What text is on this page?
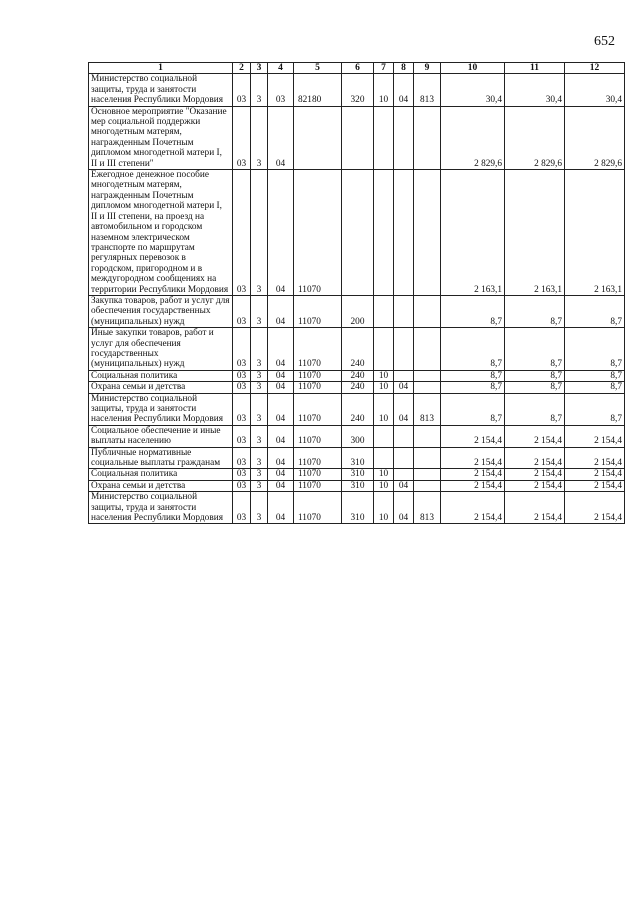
652
1	2	3	4	5	6	7	8	9	10	11	12
Министерство социальной защиты, труда и занятости населения Республики Мордовия	03	3	03	82180	320	10	04	813	30,4	30,4	30,4
Основное мероприятие "Оказание мер социальной поддержки многодетным матерям, награжденным Почетным дипломом многодетной матери I, II и III степени"	03	3	04						2 829,6	2 829,6	2 829,6
Ежегодное денежное пособие многодетным матерям, награжденным Почетным дипломом многодетной матери I, II и III степени, на проезд на автомобильном и городском наземном электрическом транспорте по маршрутам регулярных перевозок в городском, пригородном и в междугородном сообщениях на территории Республики Мордовия	03	3	04	11070					2 163,1	2 163,1	2 163,1
Закупка товаров, работ и услуг для обеспечения государственных (муниципальных) нужд	03	3	04	11070	200				8,7	8,7	8,7
Иные закупки товаров, работ и услуг для обеспечения государственных (муниципальных) нужд	03	3	04	11070	240				8,7	8,7	8,7
Социальная политика	03	3	04	11070	240	10			8,7	8,7	8,7
Охрана семьи и детства	03	3	04	11070	240	10	04		8,7	8,7	8,7
Министерство социальной защиты, труда и занятости населения Республики Мордовия	03	3	04	11070	240	10	04	813	8,7	8,7	8,7
Социальное обеспечение и иные выплаты населению	03	3	04	11070	300				2 154,4	2 154,4	2 154,4
Публичные нормативные социальные выплаты гражданам	03	3	04	11070	310				2 154,4	2 154,4	2 154,4
Социальная политика	03	3	04	11070	310	10			2 154,4	2 154,4	2 154,4
Охрана семьи и детства	03	3	04	11070	310	10	04		2 154,4	2 154,4	2 154,4
Министерство социальной защиты, труда и занятости населения Республики Мордовия	03	3	04	11070	310	10	04	813	2 154,4	2 154,4	2 154,4
